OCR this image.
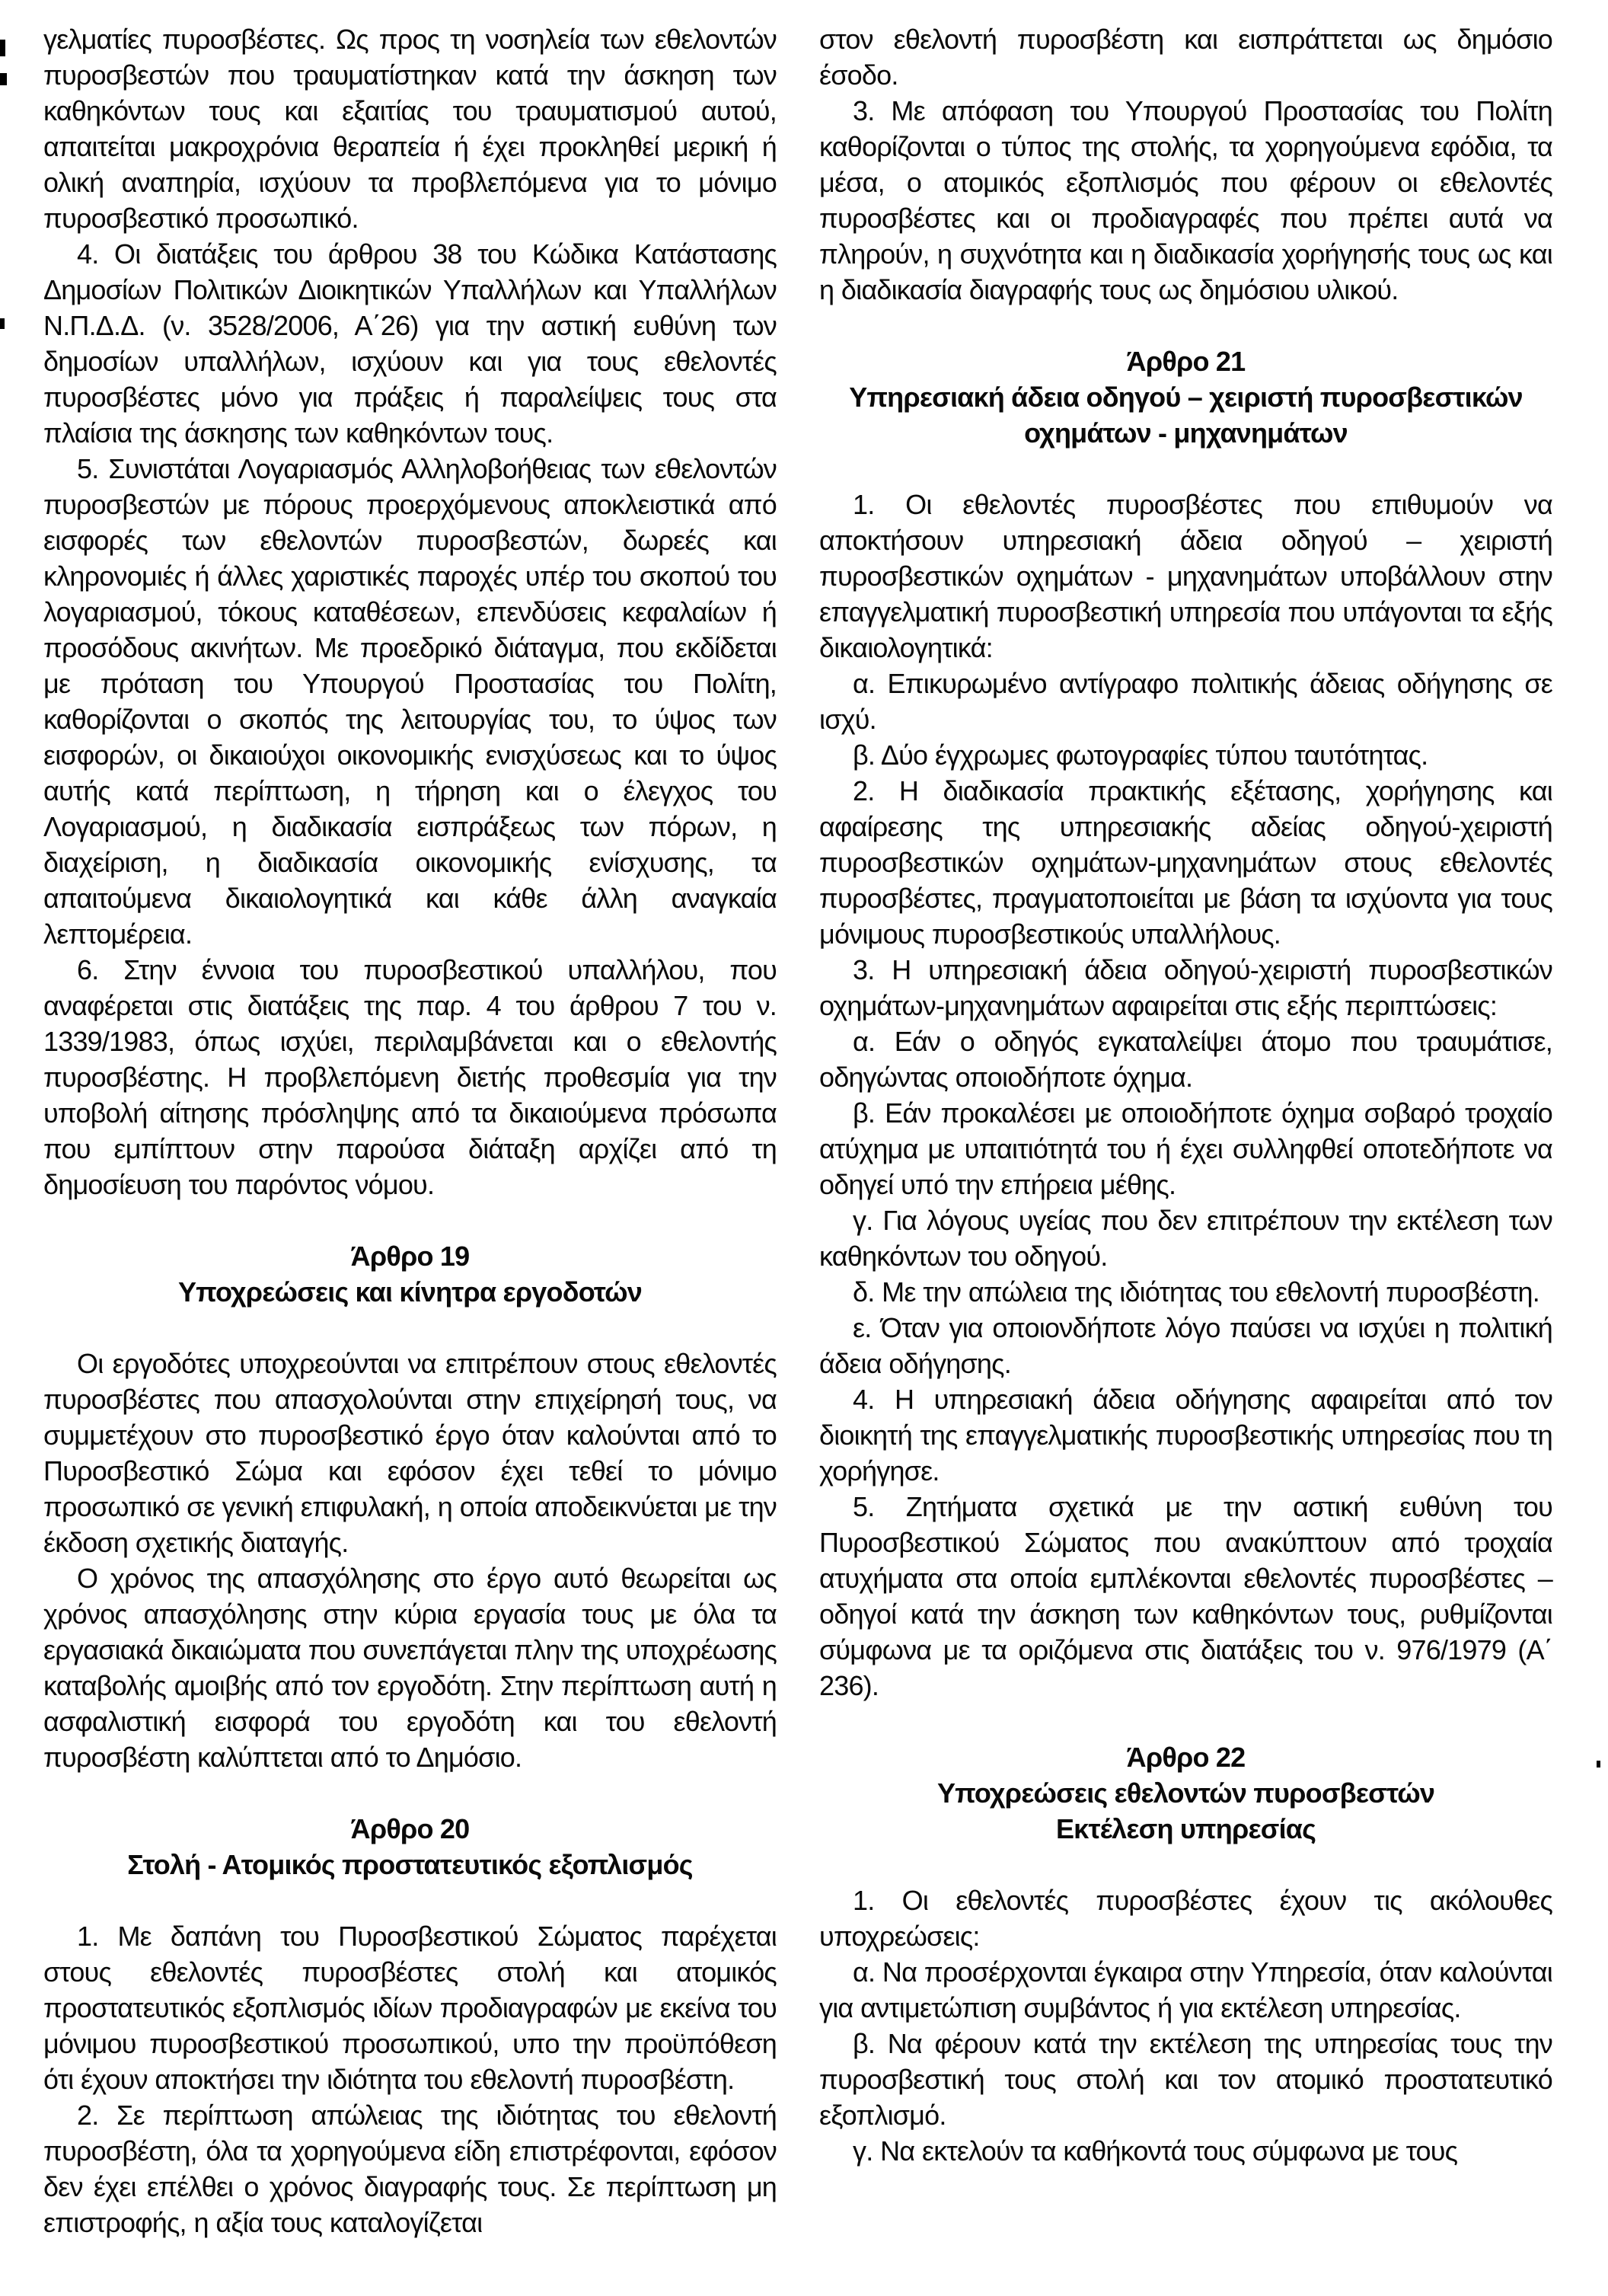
γελματίες πυροσβέστες. Ως προς τη νοσηλεία των εθελοντών πυροσβεστών που τραυματίστηκαν κατά την άσκηση των καθηκόντων τους και εξαιτίας του τραυματισμού αυτού, απαιτείται μακροχρόνια θεραπεία ή έχει προκληθεί μερική ή ολική αναπηρία, ισχύουν τα προβλεπόμενα για το μόνιμο πυροσβεστικό προσωπικό.

4. Οι διατάξεις του άρθρου 38 του Κώδικα Κατάστασης Δημοσίων Πολιτικών Διοικητικών Υπαλλήλων και Υπαλλήλων Ν.Π.Δ.Δ. (ν. 3528/2006, Α΄26) για την αστική ευθύνη των δημοσίων υπαλλήλων, ισχύουν και για τους εθελοντές πυροσβέστες μόνο για πράξεις ή παραλείψεις τους στα πλαίσια της άσκησης των καθηκόντων τους.

5. Συνιστάται Λογαριασμός Αλληλοβοήθειας των εθελοντών πυροσβεστών με πόρους προερχόμενους αποκλειστικά από εισφορές των εθελοντών πυροσβεστών, δωρεές και κληρονομιές ή άλλες χαριστικές παροχές υπέρ του σκοπού του λογαριασμού, τόκους καταθέσεων, επενδύσεις κεφαλαίων ή προσόδους ακινήτων. Με προεδρικό διάταγμα, που εκδίδεται με πρόταση του Υπουργού Προστασίας του Πολίτη, καθορίζονται ο σκοπός της λειτουργίας του, το ύψος των εισφορών, οι δικαιούχοι οικονομικής ενισχύσεως και το ύψος αυτής κατά περίπτωση, η τήρηση και ο έλεγχος του Λογαριασμού, η διαδικασία εισπράξεως των πόρων, η διαχείριση, η διαδικασία οικονομικής ενίσχυσης, τα απαιτούμενα δικαιολογητικά και κάθε άλλη αναγκαία λεπτομέρεια.

6. Στην έννοια του πυροσβεστικού υπαλλήλου, που αναφέρεται στις διατάξεις της παρ. 4 του άρθρου 7 του ν. 1339/1983, όπως ισχύει, περιλαμβάνεται και ο εθελοντής πυροσβέστης. Η προβλεπόμενη διετής προθεσμία για την υποβολή αίτησης πρόσληψης από τα δικαιούμενα πρόσωπα που εμπίπτουν στην παρούσα διάταξη αρχίζει από τη δημοσίευση του παρόντος νόμου.

Άρθρο 19
Υποχρεώσεις και κίνητρα εργοδοτών

Οι εργοδότες υποχρεούνται να επιτρέπουν στους εθελοντές πυροσβέστες που απασχολούνται στην επιχείρησή τους, να συμμετέχουν στο πυροσβεστικό έργο όταν καλούνται από το Πυροσβεστικό Σώμα και εφόσον έχει τεθεί το μόνιμο προσωπικό σε γενική επιφυλακή, η οποία αποδεικνύεται με την έκδοση σχετικής διαταγής.

Ο χρόνος της απασχόλησης στο έργο αυτό θεωρείται ως χρόνος απασχόλησης στην κύρια εργασία τους με όλα τα εργασιακά δικαιώματα που συνεπάγεται πλην της υποχρέωσης καταβολής αμοιβής από τον εργοδότη. Στην περίπτωση αυτή η ασφαλιστική εισφορά του εργοδότη και του εθελοντή πυροσβέστη καλύπτεται από το Δημόσιο.

Άρθρο 20
Στολή - Ατομικός προστατευτικός εξοπλισμός

1. Με δαπάνη του Πυροσβεστικού Σώματος παρέχεται στους εθελοντές πυροσβέστες στολή και ατομικός προστατευτικός εξοπλισμός ιδίων προδιαγραφών με εκείνα του μόνιμου πυροσβεστικού προσωπικού, υπο την προϋπόθεση ότι έχουν αποκτήσει την ιδιότητα του εθελοντή πυροσβέστη.

2. Σε περίπτωση απώλειας της ιδιότητας του εθελοντή πυροσβέστη, όλα τα χορηγούμενα είδη επιστρέφονται, εφόσον δεν έχει επέλθει ο χρόνος διαγραφής τους. Σε περίπτωση μη επιστροφής, η αξία τους καταλογίζεται

στον εθελοντή πυροσβέστη και εισπράττεται ως δημόσιο έσοδο.

3. Με απόφαση του Υπουργού Προστασίας του Πολίτη καθορίζονται ο τύπος της στολής, τα χορηγούμενα εφόδια, τα μέσα, ο ατομικός εξοπλισμός που φέρουν οι εθελοντές πυροσβέστες και οι προδιαγραφές που πρέπει αυτά να πληρούν, η συχνότητα και η διαδικασία χορήγησής τους ως και η διαδικασία διαγραφής τους ως δημόσιου υλικού.

Άρθρο 21
Υπηρεσιακή άδεια οδηγού – χειριστή πυροσβεστικών οχημάτων - μηχανημάτων

1. Οι εθελοντές πυροσβέστες που επιθυμούν να αποκτήσουν υπηρεσιακή άδεια οδηγού – χειριστή πυροσβεστικών οχημάτων - μηχανημάτων υποβάλλουν στην επαγγελματική πυροσβεστική υπηρεσία που υπάγονται τα εξής δικαιολογητικά:

α. Επικυρωμένο αντίγραφο πολιτικής άδειας οδήγησης σε ισχύ.

β. Δύο έγχρωμες φωτογραφίες τύπου ταυτότητας.

2. Η διαδικασία πρακτικής εξέτασης, χορήγησης και αφαίρεσης της υπηρεσιακής αδείας οδηγού-χειριστή πυροσβεστικών οχημάτων-μηχανημάτων στους εθελοντές πυροσβέστες, πραγματοποιείται με βάση τα ισχύοντα για τους μόνιμους πυροσβεστικούς υπαλλήλους.

3. Η υπηρεσιακή άδεια οδηγού-χειριστή πυροσβεστικών οχημάτων-μηχανημάτων αφαιρείται στις εξής περιπτώσεις:

α. Εάν ο οδηγός εγκαταλείψει άτομο που τραυμάτισε, οδηγώντας οποιοδήποτε όχημα.

β. Εάν προκαλέσει με οποιοδήποτε όχημα σοβαρό τροχαίο ατύχημα με υπαιτιότητά του ή έχει συλληφθεί οποτεδήποτε να οδηγεί υπό την επήρεια μέθης.

γ. Για λόγους υγείας που δεν επιτρέπουν την εκτέλεση των καθηκόντων του οδηγού.

δ. Με την απώλεια της ιδιότητας του εθελοντή πυροσβέστη.

ε. Όταν για οποιονδήποτε λόγο παύσει να ισχύει η πολιτική άδεια οδήγησης.

4. Η υπηρεσιακή άδεια οδήγησης αφαιρείται από τον διοικητή της επαγγελματικής πυροσβεστικής υπηρεσίας που τη χορήγησε.

5. Ζητήματα σχετικά με την αστική ευθύνη του Πυροσβεστικού Σώματος που ανακύπτουν από τροχαία ατυχήματα στα οποία εμπλέκονται εθελοντές πυροσβέστες – οδηγοί κατά την άσκηση των καθηκόντων τους, ρυθμίζονται σύμφωνα με τα οριζόμενα στις διατάξεις του ν. 976/1979 (Α΄ 236).

Άρθρο 22
Υποχρεώσεις εθελοντών πυροσβεστών
Εκτέλεση υπηρεσίας

1. Οι εθελοντές πυροσβέστες έχουν τις ακόλουθες υποχρεώσεις:

α. Να προσέρχονται έγκαιρα στην Υπηρεσία, όταν καλούνται για αντιμετώπιση συμβάντος ή για εκτέλεση υπηρεσίας.

β. Να φέρουν κατά την εκτέλεση της υπηρεσίας τους την πυροσβεστική τους στολή και τον ατομικό προστατευτικό εξοπλισμό.

γ. Να εκτελούν τα καθήκοντά τους σύμφωνα με τους
